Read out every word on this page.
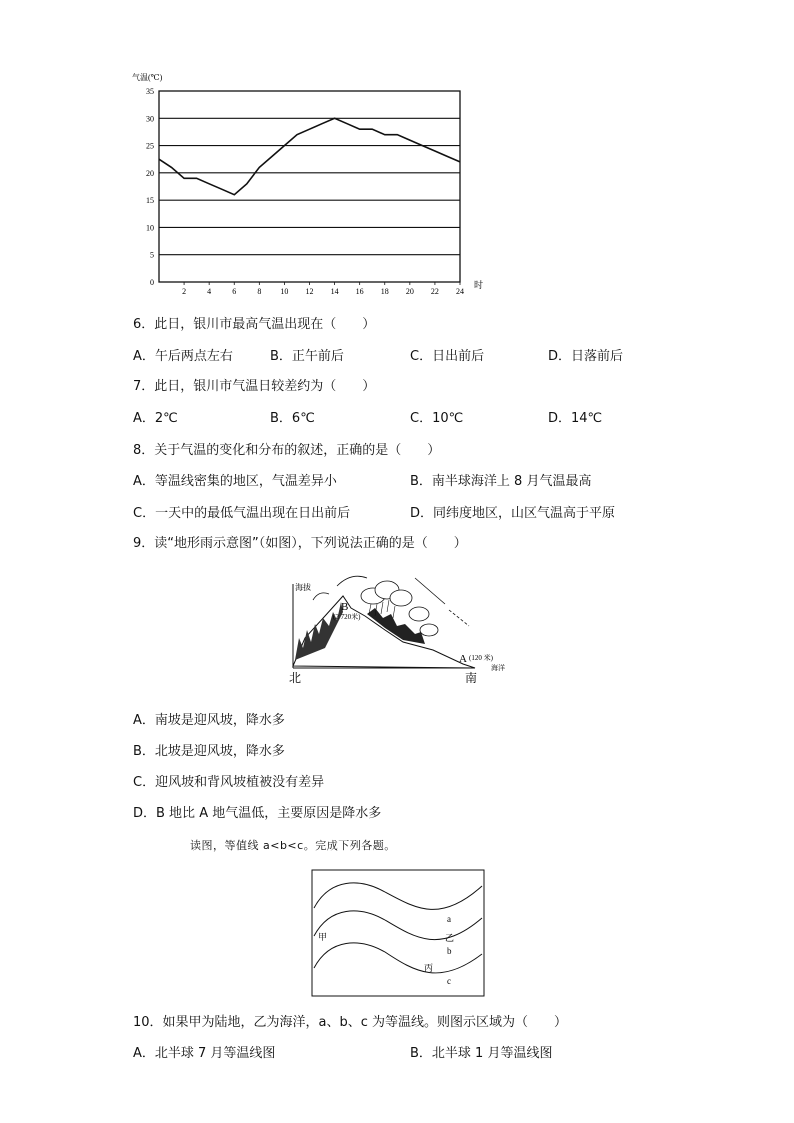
气温(℃)
35
30
25
20
15
10
5
0
2	4	6	8 10 12 14 16 18 20 22 24
时
6．此日，银川市最高气温出现在（　　）
A．午后两点左右	B．正午前后	C．日出前后	D．日落前后
7．此日，银川市气温日较差约为（　　）
A．2℃	B．6℃	C．10℃	D．14℃
8．关于气温的变化和分布的叙述，正确的是（　　）
A．等温线密集的地区，气温差异小	B．南半球海洋上 8 月气温最高
C．一天中的最低气温出现在日出前后	D．同纬度地区，山区气温高于平原
9．读“地形雨示意图”（如图），下列说法正确的是（　　）
海拔
B
(2 720米)
A (120 米)
海洋
北	南
A．南坡是迎风坡，降水多
B．北坡是迎风坡，降水多
C．迎风坡和背风坡植被没有差异
D．B 地比 A 地气温低，主要原因是降水多
读图，等值线 a<b<c。完成下列各题。
a
b
c
甲	乙
丙
10．如果甲为陆地，乙为海洋，a、b、c 为等温线。则图示区域为（　　）
A．北半球 7 月等温线图	B．北半球 1 月等温线图
